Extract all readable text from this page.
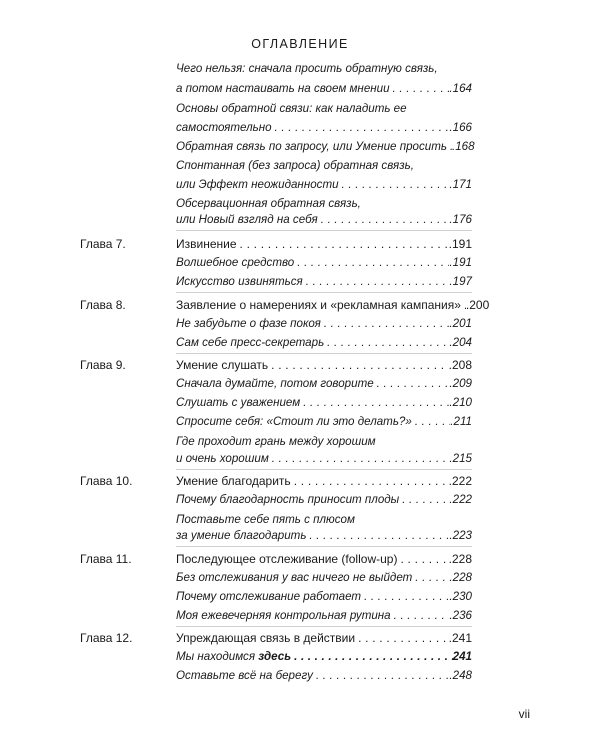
ОГЛАВЛЕНИЕ
Чего нельзя: сначала просить обратную связь,
а потом настаивать на своем мнении . . .	.164
Основы обратной связи: как наладить ее
самостоятельно . . .	.166
Обратная связь по запросу, или Умение просить . . . .168
Спонтанная (без запроса) обратная связь,
или Эффект неожиданности . . .	.171
Обсервационная обратная связь,
или Новый взгляд на себя . . .	.176
Глава 7.	Извинение . . .	.191
Волшебное средство . . .	.191
Искусство извиняться . . .	.197
Глава 8.	Заявление о намерениях и «рекламная кампания» . . . .200
Не забудьте о фазе покоя . . .	.201
Сам себе пресс-секретарь . . .	.204
Глава 9.	Умение слушать . . .	.208
Сначала думайте, потом говорите . . .	.209
Слушать с уважением . . .	.210
Спросите себя: «Стоит ли это делать?» . . .	.211
Где проходит грань между хорошим
и очень хорошим . . .	.215
Глава 10.	Умение благодарить . . .	.222
Почему благодарность приносит плоды . . .	.222
Поставьте себе пять с плюсом
за умение благодарить . . .	.223
Глава 11.	Последующее отслеживание (follow-up) . . .	.228
Без отслеживания у вас ничего не выйдет . . .	.228
Почему отслеживание работает . . .	.230
Моя ежевечерняя контрольная рутина . . .	.236
Глава 12.	Упреждающая связь в действии . . .	.241
Мы находимся здесь . . .	241
Оставьте всё на берегу . . .	.248
vii
